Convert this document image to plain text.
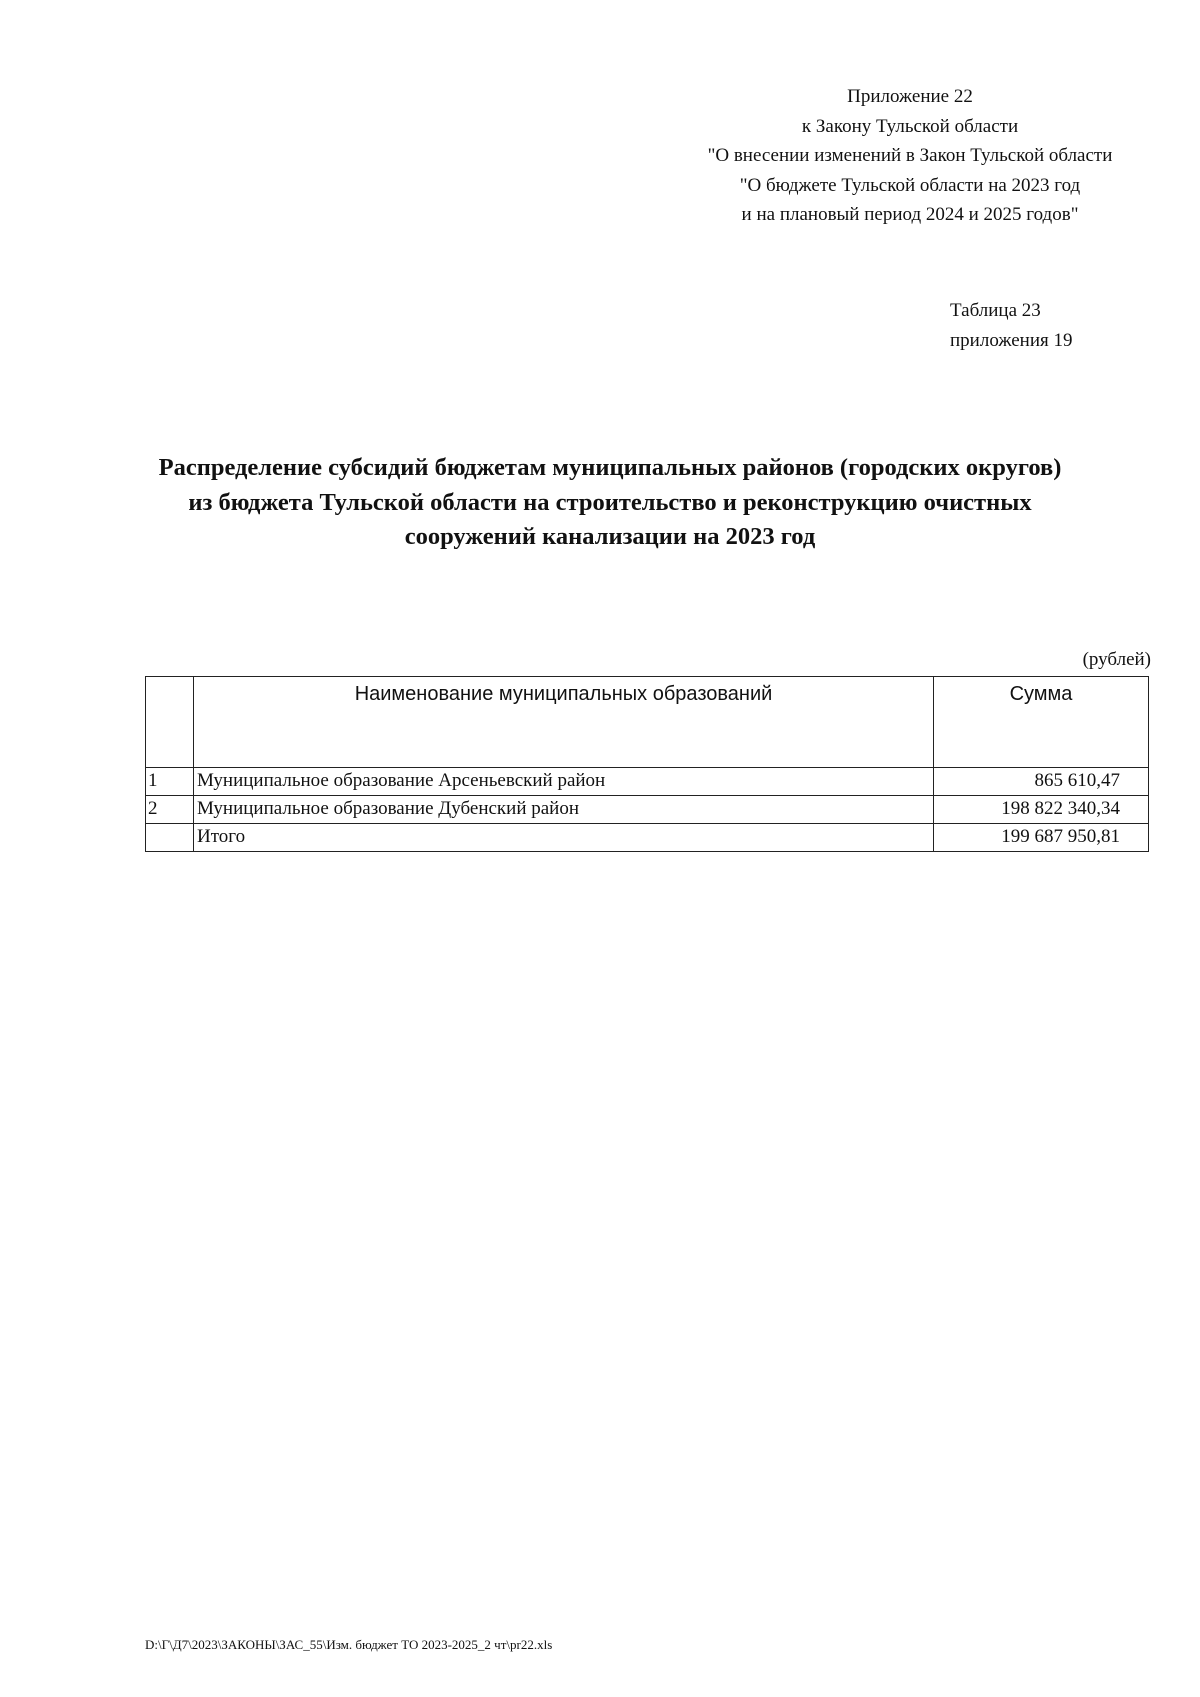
Приложение 22
к Закону Тульской области
"О внесении изменений в Закон Тульской области
"О бюджете Тульской области на 2023 год
и на плановый период 2024 и 2025 годов"
Таблица 23
приложения 19
Распределение субсидий бюджетам муниципальных районов (городских округов)
из бюджета Тульской области на строительство и реконструкцию очистных
сооружений канализации на 2023 год
(рублей)
	Наименование муниципальных образований	Сумма
1	Муниципальное образование Арсеньевский район	865 610,47
2	Муниципальное образование Дубенский район	198 822 340,34
	Итого	199 687 950,81
D:\Г\Д7\2023\ЗАКОНЫ\ЗАС_55\Изм. бюджет ТО 2023-2025_2 чт\pr22.xls
